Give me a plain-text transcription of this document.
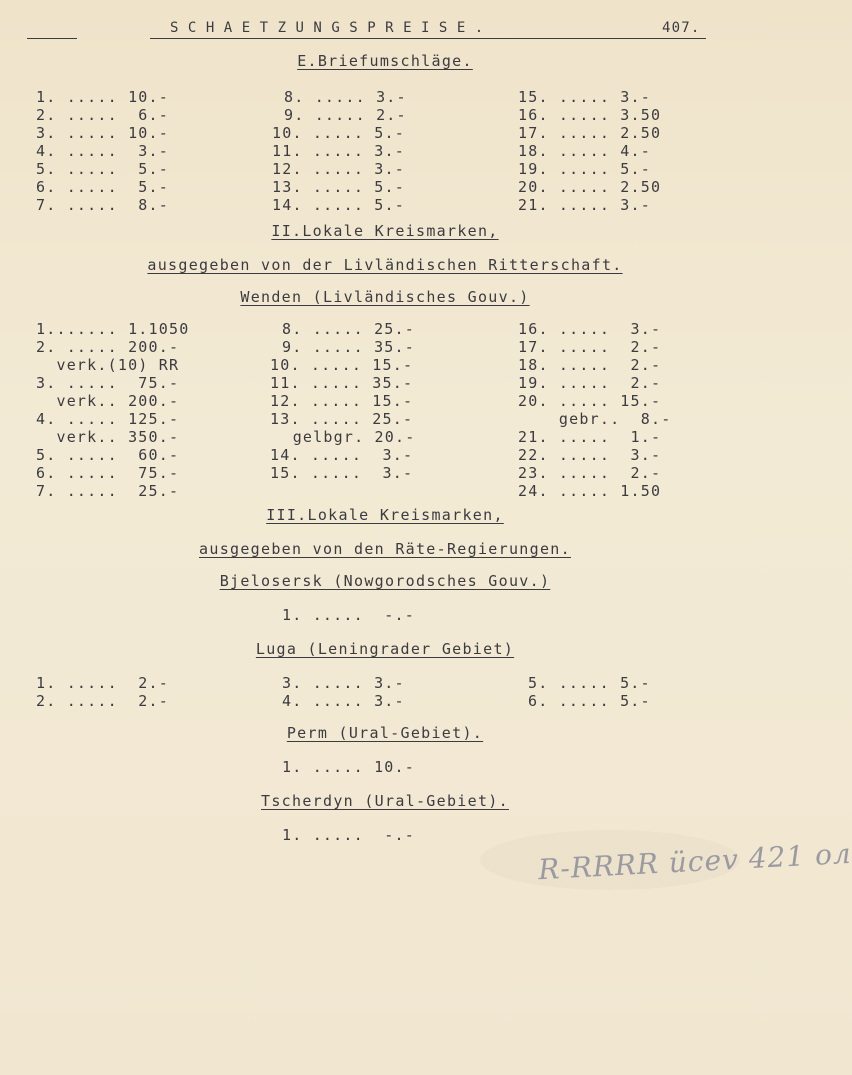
SCHAETZUNGSPREISE.	407.
E.Briefumschläge.
1. ..... 10.-
2. .....  6.-
3. ..... 10.-
4. .....  3.-
5. .....  5.-
6. .....  5.-
7. .....  8.-
8. ..... 3.-
9. ..... 2.-
10. ..... 5.-
11. ..... 3.-
12. ..... 3.-
13. ..... 5.-
14. ..... 5.-
15. ..... 3.-
16. ..... 3.50
17. ..... 2.50
18. ..... 4.-
19. ..... 5.-
20. ..... 2.50
21. ..... 3.-
II.Lokale Kreismarken,
ausgegeben von der Livländischen Ritterschaft.
Wenden (Livländisches Gouv.)
1....... 1.1050
2. ..... 200.-
verk.(10) RR
3. .....  75.-
verk.. 200.-
4. ..... 125.-
verk.. 350.-
5. .....  60.-
6. .....  75.-
7. .....  25.-
8. ..... 25.-
9. ..... 35.-
10. ..... 15.-
11. ..... 35.-
12. ..... 15.-
13. ..... 25.-
gelbgr. 20.-
14. .....  3.-
15. .....  3.-
16. .....  3.-
17. .....  2.-
18. .....  2.-
19. .....  2.-
20. ..... 15.-
gebr..  8.-
21. .....  1.-
22. .....  3.-
23. .....  2.-
24. ..... 1.50
III.Lokale Kreismarken,
ausgegeben von den Räte-Regierungen.
Bjelosersk (Nowgorodsches Gouv.)
1. .....  -.-
Luga (Leningrader Gebiet)
1. .....  2.-
2. .....  2.-
3. ..... 3.-
4. ..... 3.-
5. ..... 5.-
6. ..... 5.-
Perm (Ural-Gebiet).
1. ..... 10.-
Tscherdyn (Ural-Gebiet).
1. .....  -.-
R-RRRR ücev 421 ол
